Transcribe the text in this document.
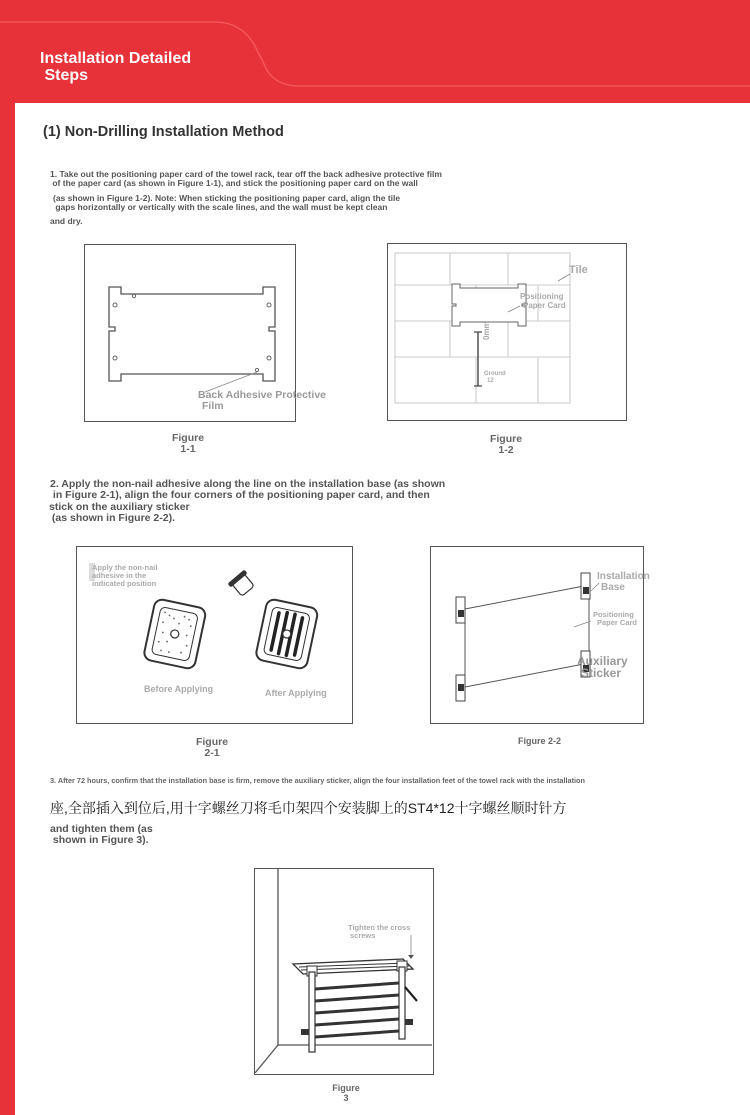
Installation Detailed
Steps
(1) Non-Drilling Installation Method
1. Take out the positioning paper card of the towel rack, tear off the back adhesive protective film
of the paper card (as shown in Figure 1-1), and stick the positioning paper card on the wall
(as shown in Figure 1-2). Note: When sticking the positioning paper card, align the tile
gaps horizontally or vertically with the scale lines, and the wall must be kept clean
and dry.
Back Adhesive Protective
Film
Figure
1-1
Tile
Positioning
Paper Card
0mm
Ground
12
Figure
1-2
2. Apply the non-nail adhesive along the line on the installation base (as shown
in Figure 2-1), align the four corners of the positioning paper card, and then
stick on the auxiliary sticker
(as shown in Figure 2-2).
Apply the non-nail
adhesive in the
indicated position
Before Applying	After Applying
Figure
2-1
Installation
Base
Positioning
Paper Card
Auxiliary
Sticker
Figure 2-2
3. After 72 hours, confirm that the installation base is firm, remove the auxiliary sticker, align the four installation feet of the towel rack with the installation
座,全部插入到位后,用十字螺丝刀将毛巾架四个安装脚上的ST4*12十字螺丝顺时针方
and tighten them (as
shown in Figure 3).
Tighten the cross
screws
Figure
3
